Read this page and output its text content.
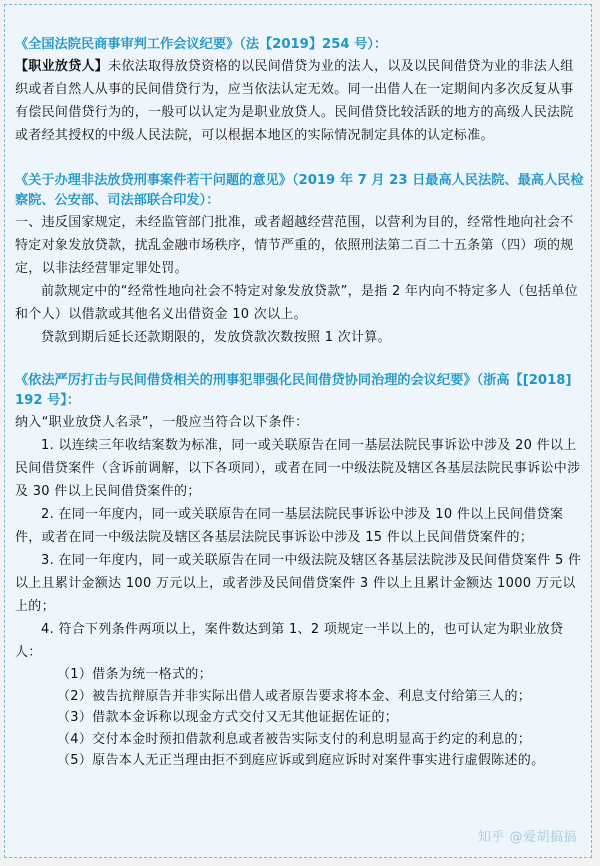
《全国法院民商事审判工作会议纪要》（法【2019】254 号）：

【职业放贷人】未依法取得放贷资格的以民间借贷为业的法人，以及以民间借贷为业的非法人组织或者自然人从事的民间借贷行为，应当依法认定无效。同一出借人在一定期间内多次反复从事有偿民间借贷行为的，一般可以认定为是职业放贷人。民间借贷比较活跃的地方的高级人民法院或者经其授权的中级人民法院，可以根据本地区的实际情况制定具体的认定标准。

《关于办理非法放贷刑事案件若干问题的意见》（2019 年 7 月 23 日最高人民法院、最高人民检察院、公安部、司法部联合印发）：

一、违反国家规定，未经监管部门批准，或者超越经营范围，以营利为目的，经常性地向社会不特定对象发放贷款，扰乱金融市场秩序，情节严重的，依照刑法第二百二十五条第（四）项的规定，以非法经营罪定罪处罚。

前款规定中的“经常性地向社会不特定对象发放贷款”，是指 2 年内向不特定多人（包括单位和个人）以借款或其他名义出借资金 10 次以上。

贷款到期后延长还款期限的，发放贷款次数按照 1 次计算。

《依法严厉打击与民间借贷相关的刑事犯罪强化民间借贷协同治理的会议纪要》（浙高【[2018] 192 号】：

纳入“职业放贷人名录”，一般应当符合以下条件：

1. 以连续三年收结案数为标准，同一或关联原告在同一基层法院民事诉讼中涉及 20 件以上民间借贷案件（含诉前调解，以下各项同），或者在同一中级法院及辖区各基层法院民事诉讼中涉及 30 件以上民间借贷案件的；

2. 在同一年度内，同一或关联原告在同一基层法院民事诉讼中涉及 10 件以上民间借贷案件，或者在同一中级法院及辖区各基层法院民事诉讼中涉及 15 件以上民间借贷案件的；

3. 在同一年度内，同一或关联原告在同一中级法院及辖区各基层法院涉及民间借贷案件 5 件以上且累计金额达 100 万元以上，或者涉及民间借贷案件 3 件以上且累计金额达 1000 万元以上的；

4. 符合下列条件两项以上，案件数达到第 1、2 项规定一半以上的，也可认定为职业放贷人：

（1）借条为统一格式的；

（2）被告抗辩原告并非实际出借人或者原告要求将本金、利息支付给第三人的；

（3）借款本金诉称以现金方式交付又无其他证据佐证的；

（4）交付本金时预扣借款利息或者被告实际支付的利息明显高于约定的利息的；

（5）原告本人无正当理由拒不到庭应诉或到庭应诉时对案件事实进行虚假陈述的。

知乎 @爱胡搞搞
